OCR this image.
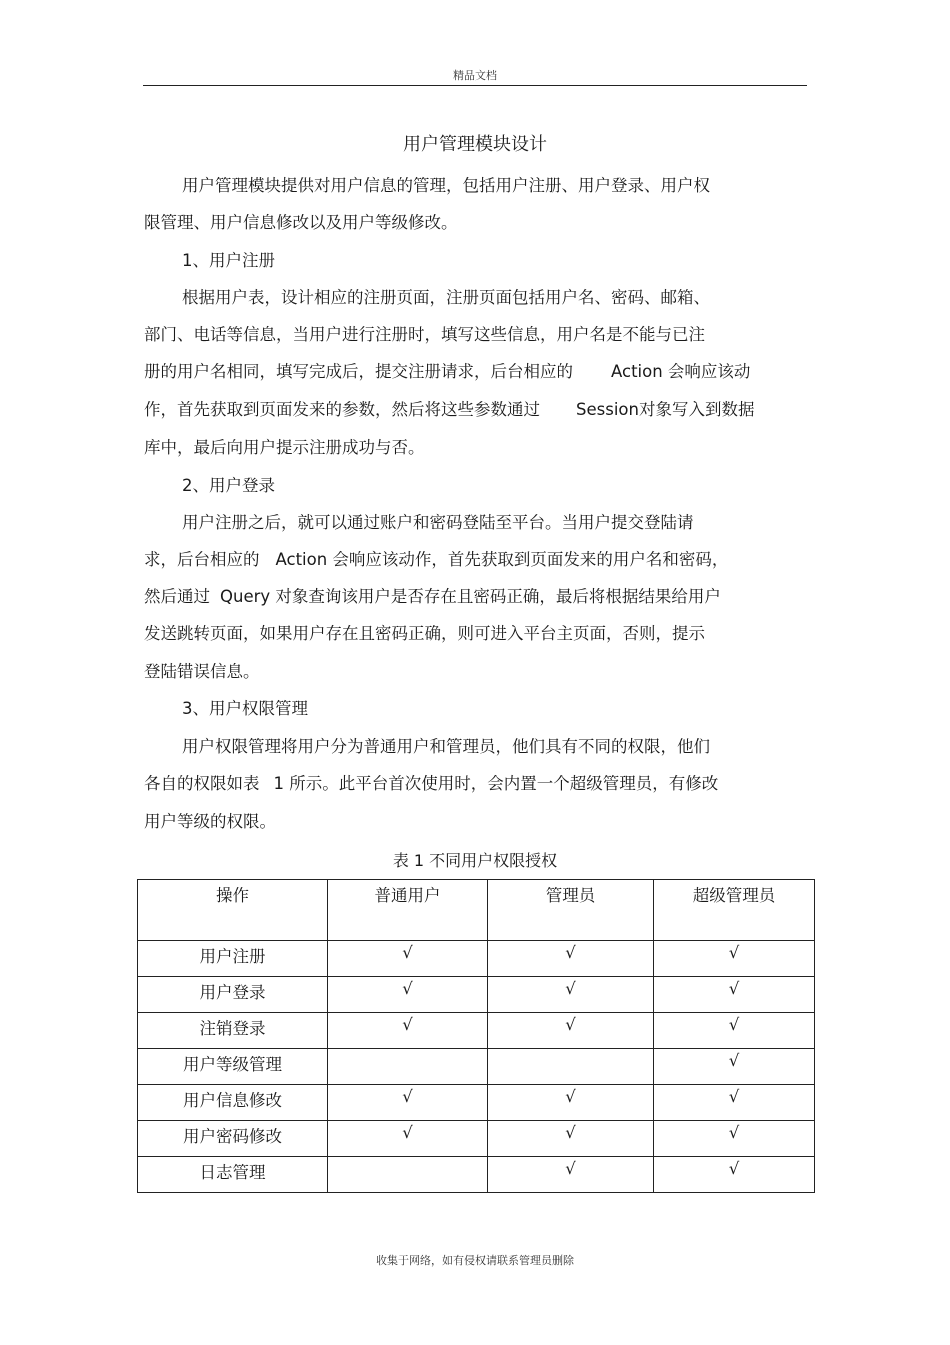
精品文档
用户管理模块设计
用户管理模块提供对用户信息的管理，包括用户注册、用户登录、用户权
限管理、用户信息修改以及用户等级修改。
1、用户注册
根据用户表，设计相应的注册页面，注册页面包括用户名、密码、邮箱、
部门、电话等信息，当用户进行注册时，填写这些信息，用户名是不能与已注
册的用户名相同，填写完成后，提交注册请求，后台相应的 Action 会响应该动
作，首先获取到页面发来的参数，然后将这些参数通过 Session对象写入到数据
库中，最后向用户提示注册成功与否。
2、用户登录
用户注册之后，就可以通过账户和密码登陆至平台。当用户提交登陆请
求，后台相应的 Action 会响应该动作，首先获取到页面发来的用户名和密码，
然后通过 Query 对象查询该用户是否存在且密码正确，最后将根据结果给用户
发送跳转页面，如果用户存在且密码正确，则可进入平台主页面，否则，提示
登陆错误信息。
3、用户权限管理
用户权限管理将用户分为普通用户和管理员，他们具有不同的权限，他们
各自的权限如表 1 所示。此平台首次使用时，会内置一个超级管理员，有修改
用户等级的权限。
表 1 不同用户权限授权
操作	普通用户	管理员	超级管理员
用户注册	√	√	√
用户登录	√	√	√
注销登录	√	√	√
用户等级管理			√
用户信息修改	√	√	√
用户密码修改	√	√	√
日志管理		√	√
收集于网络，如有侵权请联系管理员删除
